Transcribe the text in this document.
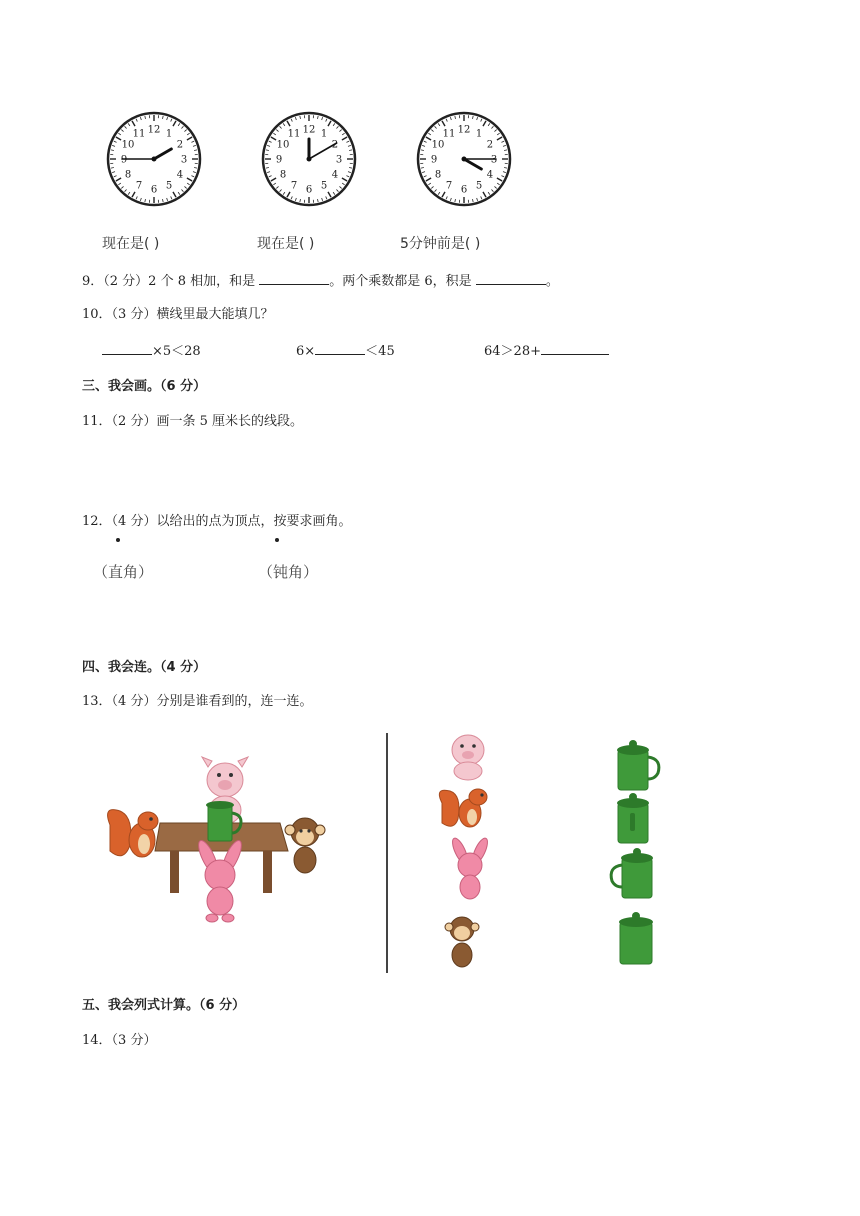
12 1
2
3
4
5
6
7
8
9
10
11	12 1
2
3
4
5
6
7
8
9
10
11	12 1
2
3
4
5
6
7
8
9
10
11
现在是( )	现在是( )	5分钟前是( )
9．（2 分）2 个 8 相加，和是	。两个乘数都是 6，积是	。
10．（3 分）横线里最大能填几？
×5＜28	6×	＜45	64＞28+
三、我会画。（6 分）
11．（2 分）画一条 5 厘米长的线段。
12．（4 分）以给出的点为顶点，按要求画角。
（直角）	（钝角）
四、我会连。（4 分）
13．（4 分）分别是谁看到的，连一连。
五、我会列式计算。（6 分）
14．（3 分）
